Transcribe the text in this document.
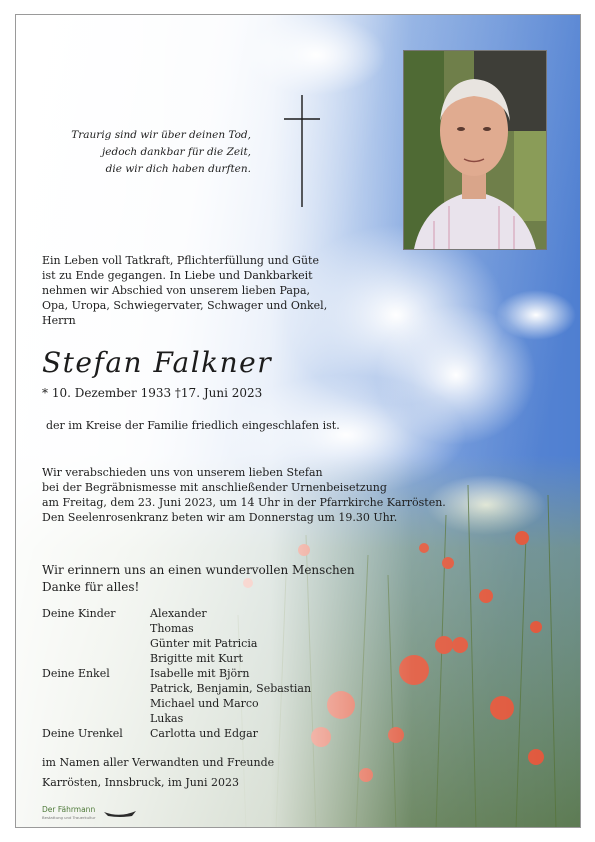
Traurig sind wir über deinen Tod,
jedoch dankbar für die Zeit,
die wir dich haben durften.
Ein Leben voll Tatkraft, Pflichterfüllung und Güte
ist zu Ende gegangen. In Liebe und Dankbarkeit
nehmen wir Abschied von unserem lieben Papa,
Opa, Uropa, Schwiegervater, Schwager und Onkel,
Herrn
Stefan Falkner
* 10. Dezember 1933 †17. Juni 2023
der im Kreise der Familie friedlich eingeschlafen ist.
Wir verabschieden uns von unserem lieben Stefan
bei der Begräbnismesse mit anschließender Urnenbeisetzung
am Freitag, dem 23. Juni 2023, um 14 Uhr in der Pfarrkirche Karrösten.
Den Seelenrosenkranz beten wir am Donnerstag um 19.30 Uhr.
Wir erinnern uns an einen wundervollen Menschen
Danke für alles!
Deine Kinder	Alexander
Thomas
Günter mit Patricia
Brigitte mit Kurt
Deine Enkel	Isabelle mit Björn
Patrick, Benjamin, Sebastian
Michael und Marco
Lukas
Deine Urenkel	Carlotta und Edgar
im Namen aller Verwandten und Freunde
Karrösten, Innsbruck, im Juni 2023
Der Fährmann
Bestattung und Trauerkultur
